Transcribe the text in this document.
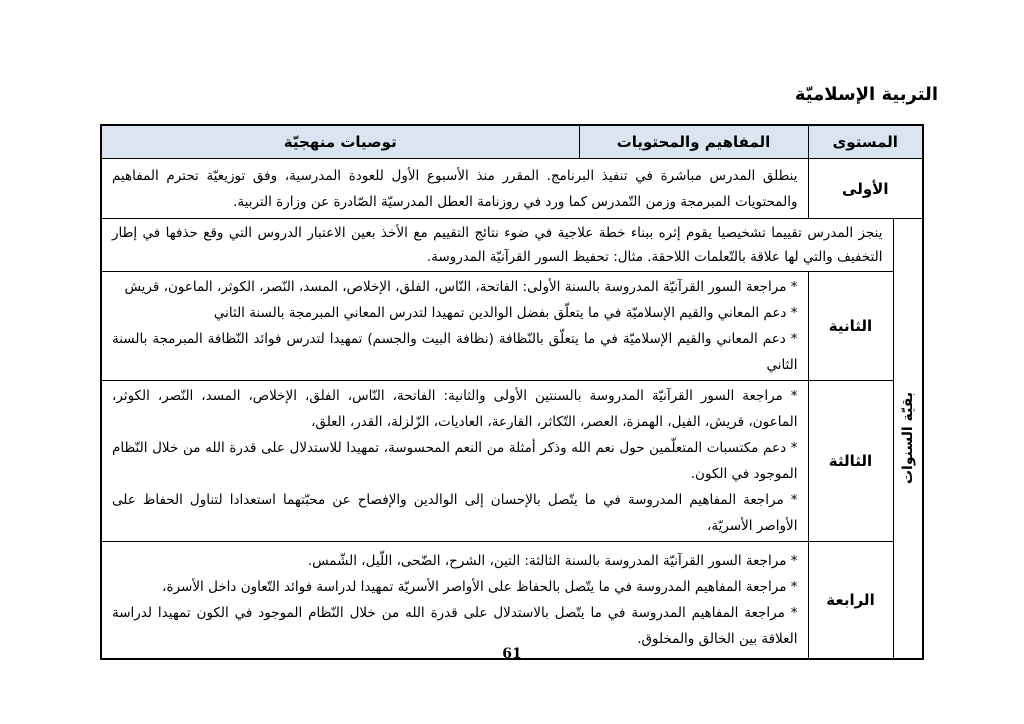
التربية الإسلاميّة
المستوى		المفاهيم والمحتويات	توصيات منهجيّة
الأولى		ينطلق المدرس مباشرة في تنفيذ البرنامج. المقرر منذ الأسبوع الأول للعودة المدرسية، وفق توزيعيّة تحترم المفاهيم والمحتويات المبرمجة وزمن التّمدرس كما ورد في روزنامة العطل المدرسيّة الصّادرة عن وزارة التربية.	

بقيّة السنوات	ينجز المدرس تقييما تشخيصيا يقوم إثره ببناء خطة علاجية في ضوء نتائج التقييم مع الأخذ بعين الاعتبار الدروس التي وقع حذفها في إطار التخفيف والتي لها علاقة بالتّعلمات اللاحقة. مثال: تحفيظ السور القرآنيّة المدروسة.		
	الثانية	* مراجعة السور القرآنيّة المدروسة بالسنة الأولى: الفاتحة، النّاس، الفلق، الإخلاص، المسد، النّصر، الكوثر، الماعون، قريش
* دعم المعاني والقيم الإسلاميّة في ما يتعلّق بفضل الوالدين تمهيدا لتدرس المعاني المبرمجة بالسنة الثاني
* دعم المعاني والقيم الإسلاميّة في ما يتعلّق بالنّظافة (نظافة البيت والجسم) تمهيدا لتدرس فوائد النّظافة المبرمجة بالسنة الثاني	

	الثالثة	* مراجعة السور القرآنيّة المدروسة بالسنتين الأولى والثانية: الفاتحة، النّاس، الفلق، الإخلاص، المسد، النّصر، الكوثر، الماعون، قريش، الفيل، الهمزة، العصر، التّكاثر، القارعة، العاديات، الزّلزلة، القدر، العلق،
* دعم مكتسبات المتعلّمين حول نعم الله وذكر أمثلة من النعم المحسوسة، تمهيدا للاستدلال على قدرة الله من خلال النّظام الموجود في الكون.
* مراجعة المفاهيم المدروسة في ما يتّصل بالإحسان إلى الوالدين والإفصاح عن محبّتهما استعدادا لتناول الحفاظ على الأواصر الأسريّة،	

	الرابعة	* مراجعة السور القرآنيّة المدروسة بالسنة الثالثة: التين، الشرح، الضّحى، اللّيل، الشّمس.
* مراجعة المفاهيم المدروسة في ما يتّصل بالحفاظ على الأواصر الأسريّة تمهيدا لدراسة فوائد التّعاون داخل الأسرة،
* مراجعة المفاهيم المدروسة في ما يتّصل بالاستدلال على قدرة الله من خلال النّظام الموجود في الكون تمهيدا لدراسة العلاقة بين الخالق والمخلوق.	
61
